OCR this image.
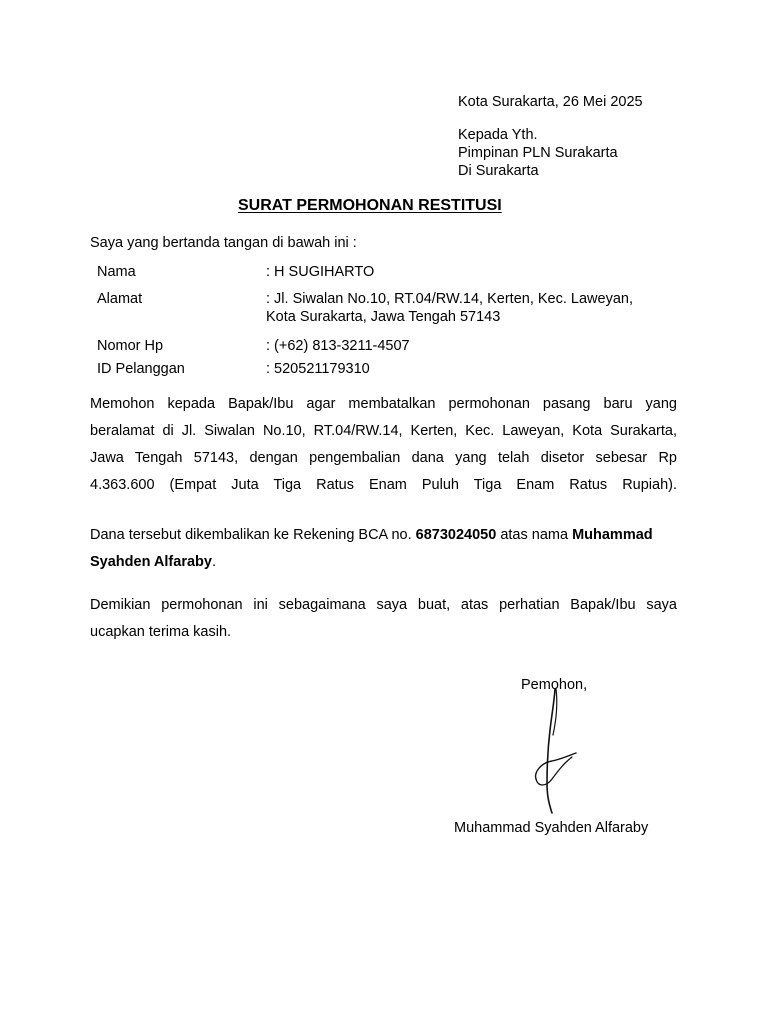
Kota Surakarta, 26 Mei 2025
Kepada Yth.
Pimpinan PLN Surakarta
Di Surakarta
SURAT PERMOHONAN RESTITUSI
Saya yang bertanda tangan di bawah ini :
Nama	: H SUGIHARTO
Alamat	: Jl. Siwalan No.10, RT.04/RW.14, Kerten, Kec. Laweyan,
Kota Surakarta, Jawa Tengah 57143
Nomor Hp	: (+62) 813-3211-4507
ID Pelanggan	: 520521179310
Memohon kepada Bapak/Ibu agar membatalkan permohonan pasang baru yang
beralamat di Jl. Siwalan No.10, RT.04/RW.14, Kerten, Kec. Laweyan, Kota Surakarta,
Jawa Tengah 57143, dengan pengembalian dana yang telah disetor sebesar Rp
4.363.600 (Empat Juta Tiga Ratus Enam Puluh Tiga Enam Ratus Rupiah).
Dana tersebut dikembalikan ke Rekening BCA no. 6873024050 atas nama Muhammad
Syahden Alfaraby.
Demikian permohonan ini sebagaimana saya buat, atas perhatian Bapak/Ibu saya
ucapkan terima kasih.
Pemohon,
Muhammad Syahden Alfaraby
